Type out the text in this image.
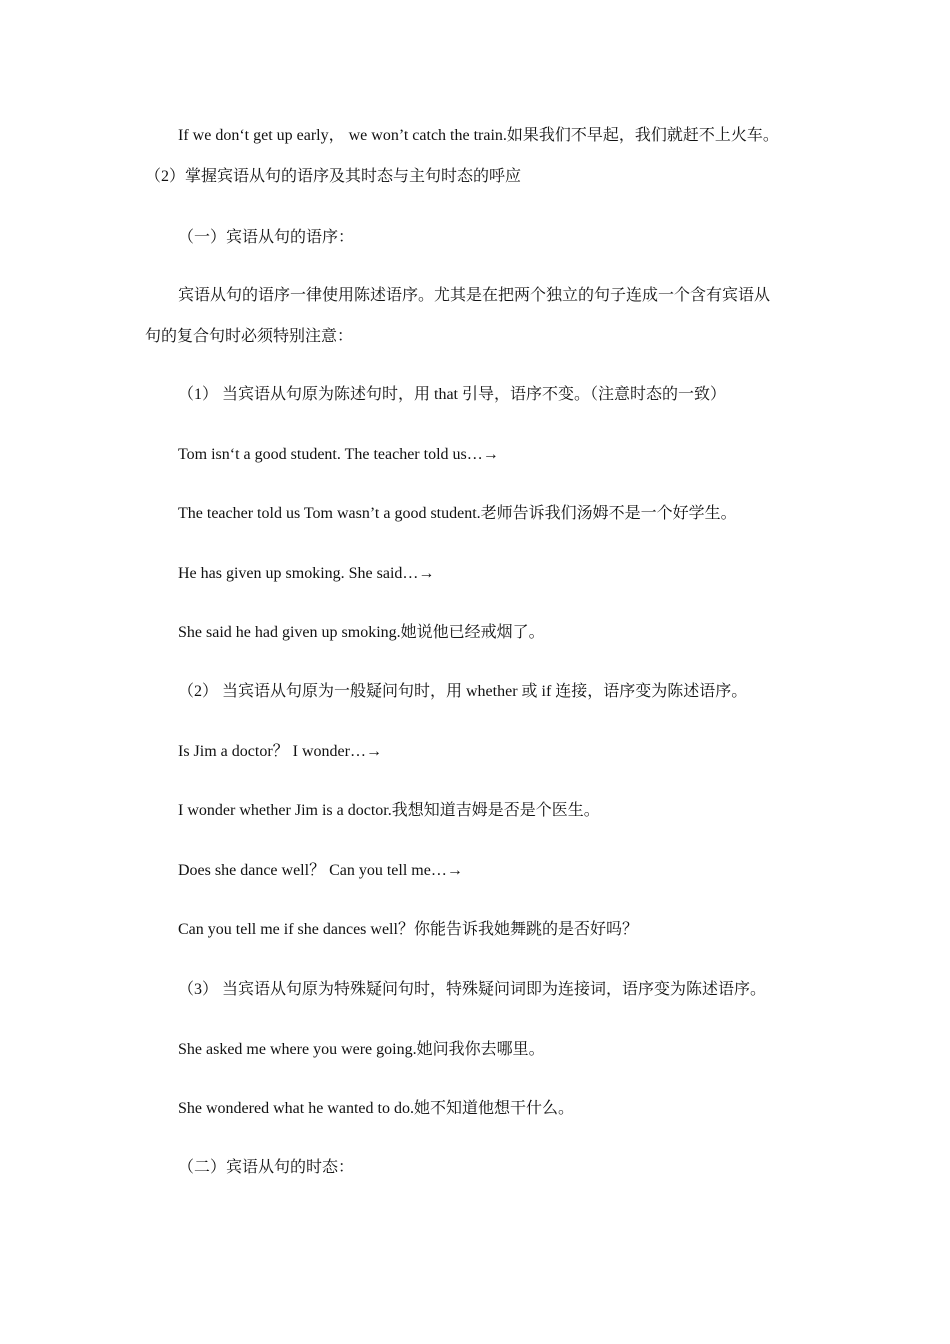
If we don‘t get up early， we won’t catch the train.如果我们不早起，我们就赶不上火车。

（2）掌握宾语从句的语序及其时态与主句时态的呼应

（一）宾语从句的语序：

宾语从句的语序一律使用陈述语序。尤其是在把两个独立的句子连成一个含有宾语从

句的复合句时必须特别注意：

（1） 当宾语从句原为陈述句时，用 that 引导，语序不变。（注意时态的一致）

Tom isn‘t a good student. The teacher told us…→

The teacher told us Tom wasn’t a good student.老师告诉我们汤姆不是一个好学生。

He has given up smoking. She said…→

She said he had given up smoking.她说他已经戒烟了。

（2） 当宾语从句原为一般疑问句时，用 whether 或 if 连接，语序变为陈述语序。

Is Jim a doctor？ I wonder…→

I wonder whether Jim is a doctor.我想知道吉姆是否是个医生。

Does she dance well？ Can you tell me…→

Can you tell me if she dances well？你能告诉我她舞跳的是否好吗？

（3） 当宾语从句原为特殊疑问句时，特殊疑问词即为连接词，语序变为陈述语序。

She asked me where you were going.她问我你去哪里。

She wondered what he wanted to do.她不知道他想干什么。

（二）宾语从句的时态：
